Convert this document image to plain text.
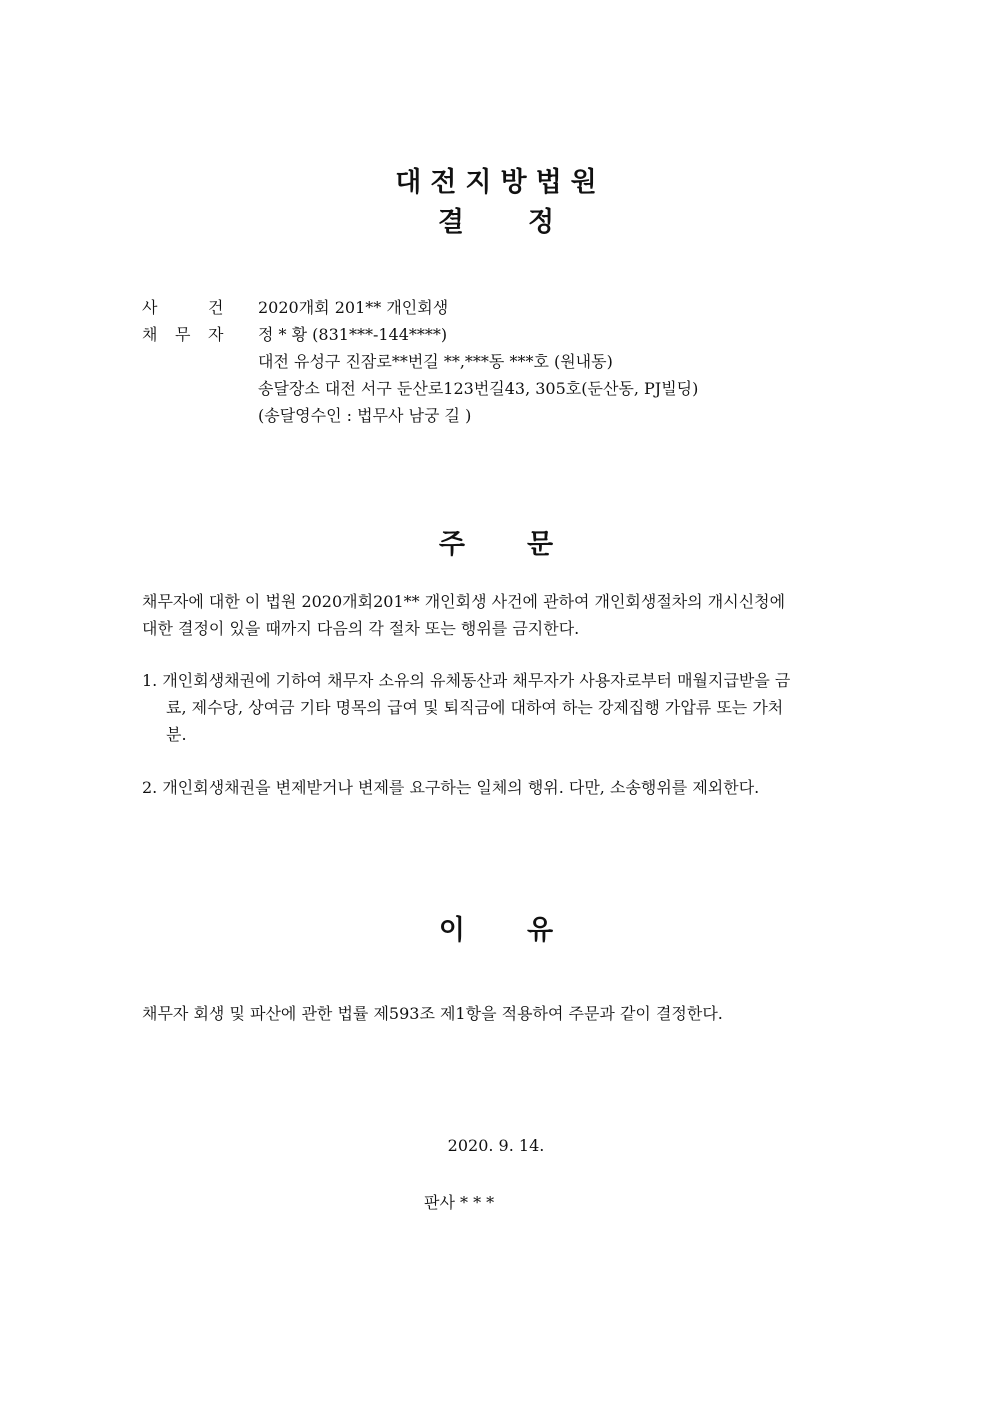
대전지방법원
결 정
사	건	2020개회 201** 개인회생
채 무 자	정 * 황 (831***-144****)
대전 유성구 진잠로**번길 **,***동 ***호 (원내동)
송달장소 대전 서구 둔산로123번길43, 305호(둔산동, PJ빌딩)
(송달영수인 : 법무사 남궁 길 )
주 문
채무자에 대한 이 법원 2020개회201** 개인회생 사건에 관하여 개인회생절차의 개시신청에 대한 결정이 있을 때까지 다음의 각 절차 또는 행위를 금지한다.
1. 개인회생채권에 기하여 채무자 소유의 유체동산과 채무자가 사용자로부터 매월지급받을 금료, 제수당, 상여금 기타 명목의 급여 및 퇴직금에 대하여 하는 강제집행 가압류 또는 가처분.
2. 개인회생채권을 변제받거나 변제를 요구하는 일체의 행위. 다만, 소송행위를 제외한다.
이 유
채무자 회생 및 파산에 관한 법률 제593조 제1항을 적용하여 주문과 같이 결정한다.
2020. 9. 14.
판사 * * *
